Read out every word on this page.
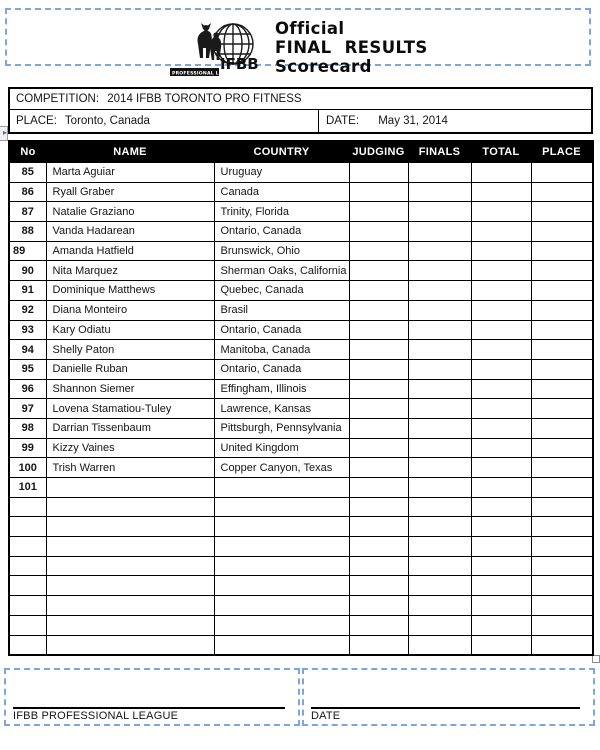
IFBB
PROFESSIONAL LEAGUE
Official
FINAL RESULTS
Scorecard
COMPETITION: 2014 IFBB TORONTO PRO FITNESS
PLACE: Toronto, Canada	DATE: May 31, 2014
▸
No	NAME	COUNTRY	JUDGING	FINALS	TOTAL	PLACE
85	Marta Aguiar	Uruguay				
86	Ryall Graber	Canada				
87	Natalie Graziano	Trinity, Florida				
88	Vanda Hadarean	Ontario, Canada				
89	Amanda Hatfield	Brunswick, Ohio				
90	Nita Marquez	Sherman Oaks, California				
91	Dominique Matthews	Quebec, Canada				
92	Diana Monteiro	Brasil				
93	Kary Odiatu	Ontario, Canada				
94	Shelly Paton	Manitoba, Canada				
95	Danielle Ruban	Ontario, Canada				
96	Shannon Siemer	Effingham, Illinois				
97	Lovena Stamatiou-Tuley	Lawrence, Kansas				
98	Darrian Tissenbaum	Pittsburgh, Pennsylvania				
99	Kizzy Vaines	United Kingdom				
100	Trish Warren	Copper Canyon, Texas				
101						

IFBB PROFESSIONAL LEAGUE	DATE
